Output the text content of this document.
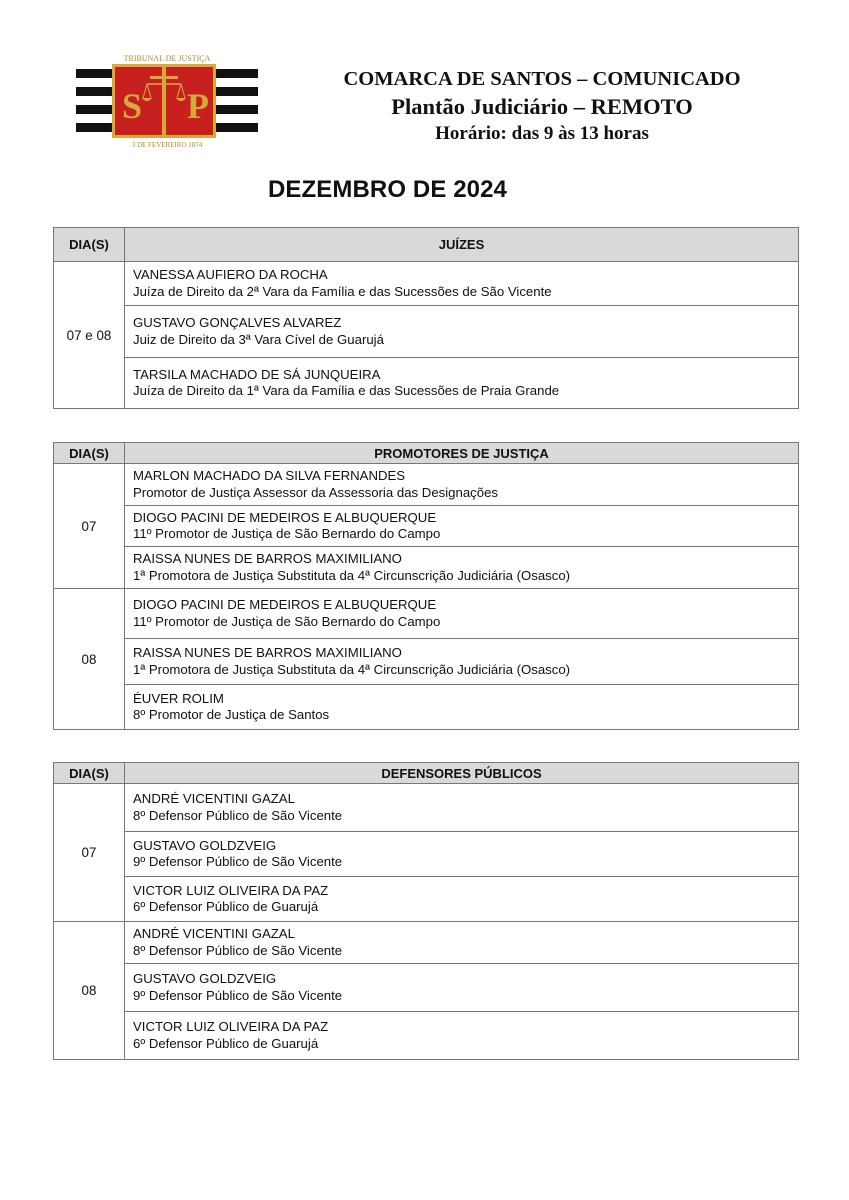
S P
TRIBUNAL DE JUSTIÇA
3 DE FEVEREIRO 1874
COMARCA DE SANTOS – COMUNICADO
Plantão Judiciário – REMOTO
Horário: das 9 às 13 horas
DEZEMBRO DE 2024
DIA(S)	JUÍZES
07 e 08	VANESSA AUFIERO DA ROCHA
Juíza de Direito da 2ª Vara da Família e das Sucessões de São Vicente

	GUSTAVO GONÇALVES ALVAREZ
Juiz de Direito da 3ª Vara Cível de Guarujá

	TARSILA MACHADO DE SÁ JUNQUEIRA
Juíza de Direito da 1ª Vara da Família e das Sucessões de Praia Grande
DIA(S)	PROMOTORES DE JUSTIÇA
07	MARLON MACHADO DA SILVA FERNANDES
Promotor de Justiça Assessor da Assessoria das Designações

	DIOGO PACINI DE MEDEIROS E ALBUQUERQUE
11º Promotor de Justiça de São Bernardo do Campo

	RAISSA NUNES DE BARROS MAXIMILIANO
1ª Promotora de Justiça Substituta da 4ª Circunscrição Judiciária (Osasco)

08	DIOGO PACINI DE MEDEIROS E ALBUQUERQUE
11º Promotor de Justiça de São Bernardo do Campo

	RAISSA NUNES DE BARROS MAXIMILIANO
1ª Promotora de Justiça Substituta da 4ª Circunscrição Judiciária (Osasco)

	ÉUVER ROLIM
8º Promotor de Justiça de Santos
DIA(S)	DEFENSORES PÚBLICOS
07	ANDRÉ VICENTINI GAZAL
8º Defensor Público de São Vicente

	GUSTAVO GOLDZVEIG
9º Defensor Público de São Vicente

	VICTOR LUIZ OLIVEIRA DA PAZ
6º Defensor Público de Guarujá

08	ANDRÉ VICENTINI GAZAL
8º Defensor Público de São Vicente

	GUSTAVO GOLDZVEIG
9º Defensor Público de São Vicente

	VICTOR LUIZ OLIVEIRA DA PAZ
6º Defensor Público de Guarujá
